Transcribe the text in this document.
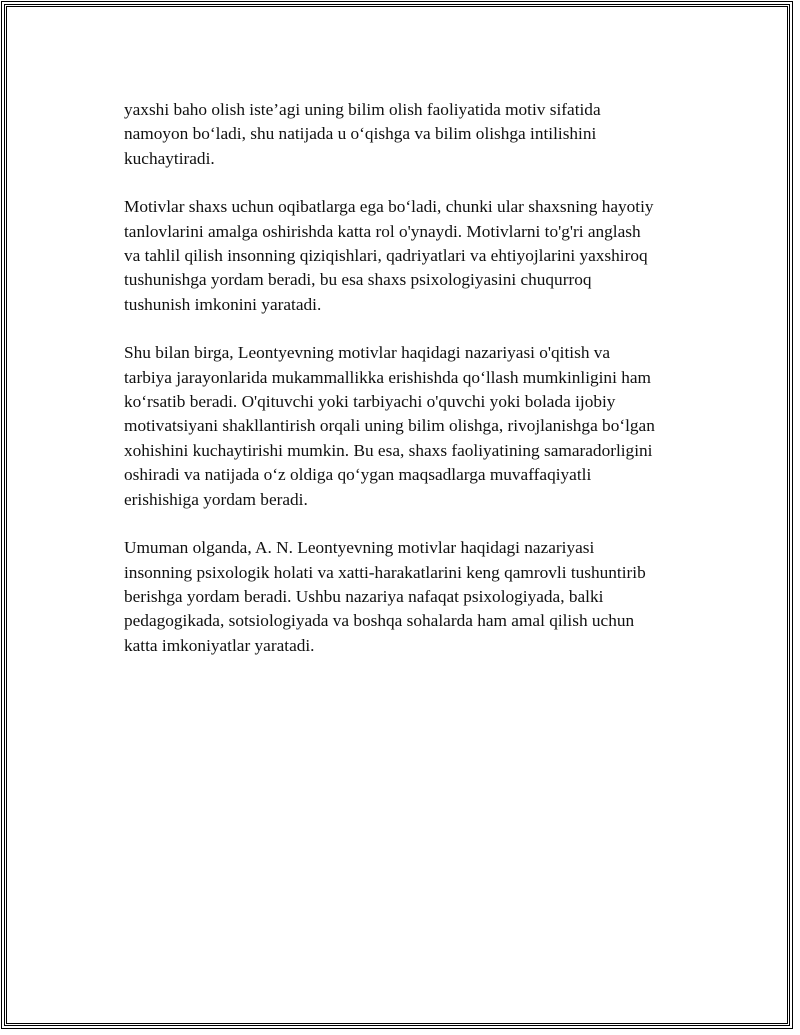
yaxshi baho olish iste’agi uning bilim olish faoliyatida motiv sifatida
namoyon bo‘ladi, shu natijada u o‘qishga va bilim olishga intilishini
kuchaytiradi.

Motivlar shaxs uchun oqibatlarga ega bo‘ladi, chunki ular shaxsning hayotiy
tanlovlarini amalga oshirishda katta rol o'ynaydi. Motivlarni to'g'ri anglash
va tahlil qilish insonning qiziqishlari, qadriyatlari va ehtiyojlarini yaxshiroq
tushunishga yordam beradi, bu esa shaxs psixologiyasini chuqurroq
tushunish imkonini yaratadi.

Shu bilan birga, Leontyevning motivlar haqidagi nazariyasi o'qitish va
tarbiya jarayonlarida mukammallikka erishishda qo‘llash mumkinligini ham
ko‘rsatib beradi. O'qituvchi yoki tarbiyachi o'quvchi yoki bolada ijobiy
motivatsiyani shakllantirish orqali uning bilim olishga, rivojlanishga bo‘lgan
xohishini kuchaytirishi mumkin. Bu esa, shaxs faoliyatining samaradorligini
oshiradi va natijada o‘z oldiga qo‘ygan maqsadlarga muvaffaqiyatli
erishishiga yordam beradi.

Umuman olganda, A. N. Leontyevning motivlar haqidagi nazariyasi
insonning psixologik holati va xatti-harakatlarini keng qamrovli tushuntirib
berishga yordam beradi. Ushbu nazariya nafaqat psixologiyada, balki
pedagogikada, sotsiologiyada va boshqa sohalarda ham amal qilish uchun
katta imkoniyatlar yaratadi.
